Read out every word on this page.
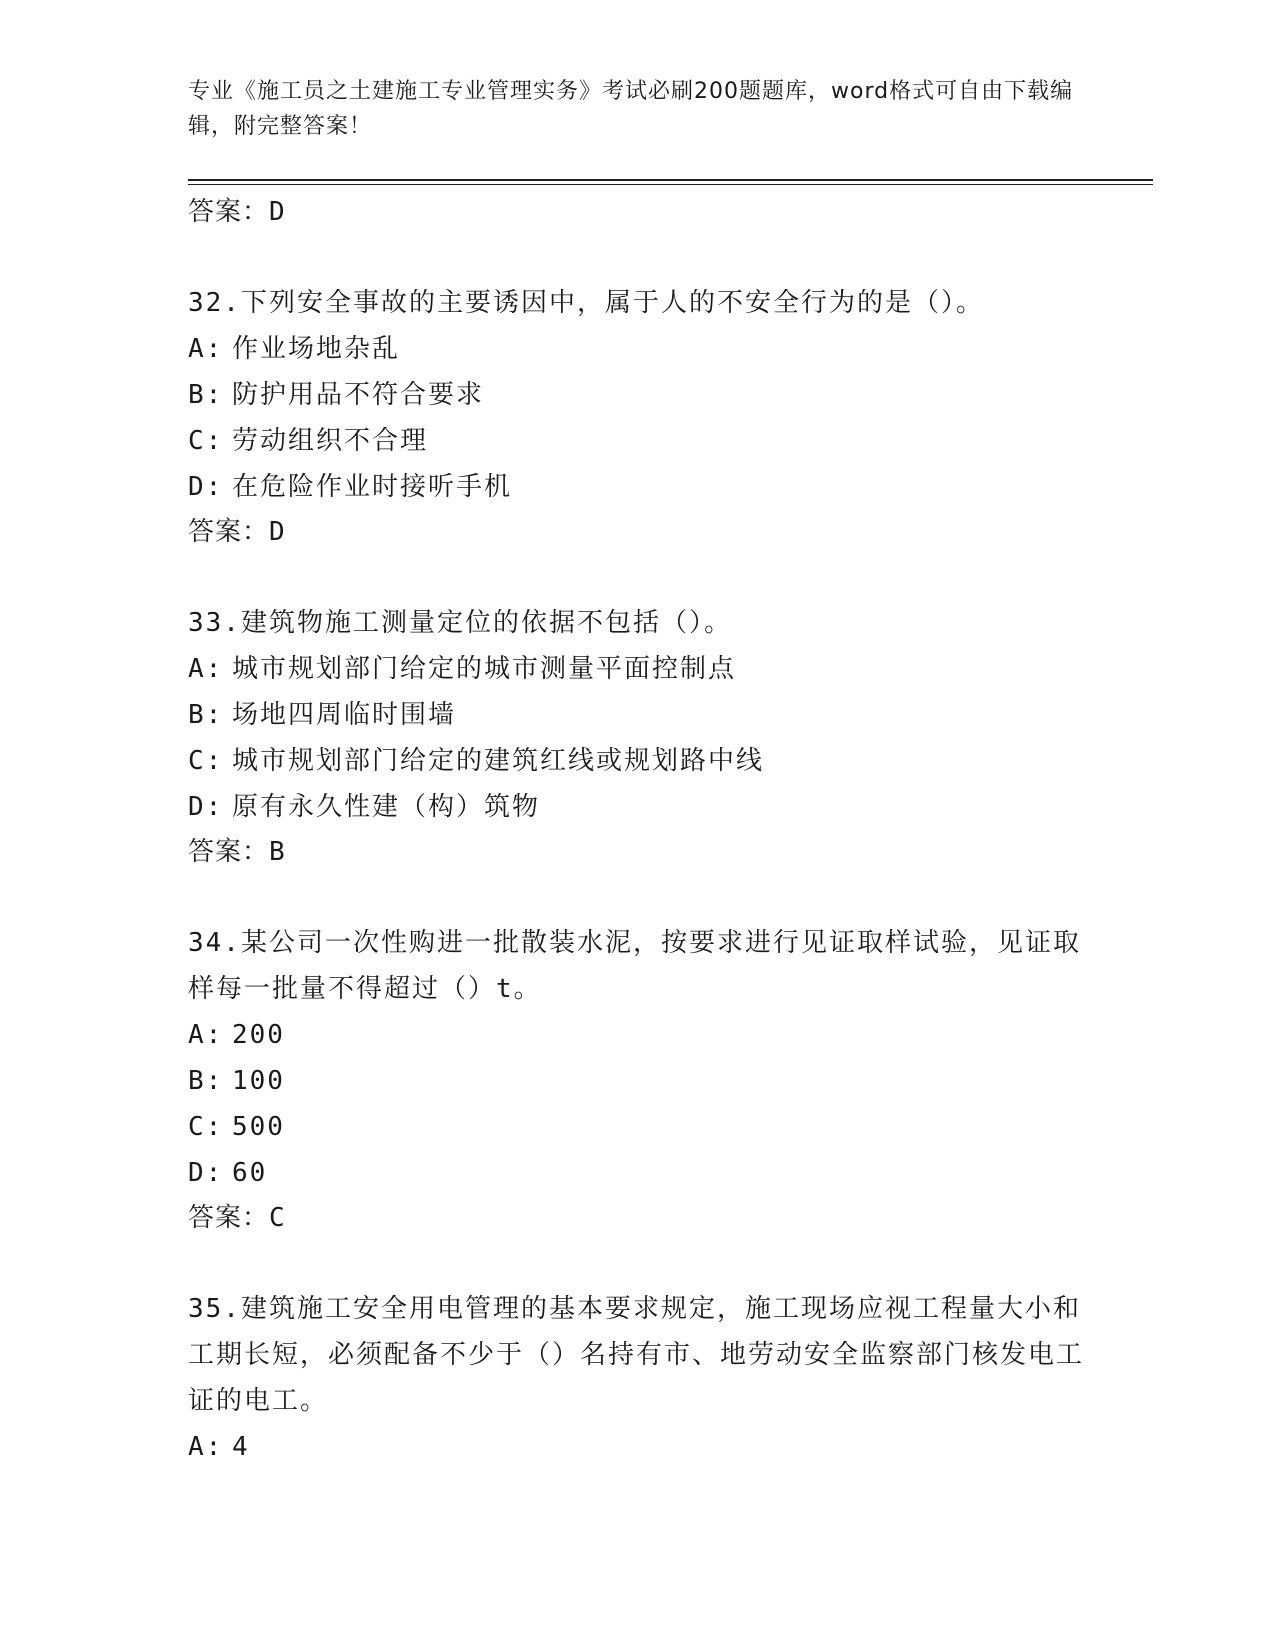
专业《施工员之土建施工专业管理实务》考试必刷200题题库，word格式可自由下载编辑，附完整答案！
答案：D
32.下列安全事故的主要诱因中，属于人的不安全行为的是（）。
A: 作业场地杂乱
B: 防护用品不符合要求
C: 劳动组织不合理
D: 在危险作业时接听手机
答案：D
33.建筑物施工测量定位的依据不包括（）。
A: 城市规划部门给定的城市测量平面控制点
B: 场地四周临时围墙
C: 城市规划部门给定的建筑红线或规划路中线
D: 原有永久性建（构）筑物
答案：B
34.某公司一次性购进一批散装水泥，按要求进行见证取样试验，见证取样每一批量不得超过（）t。
A: 200
B: 100
C: 500
D: 60
答案：C
35.建筑施工安全用电管理的基本要求规定，施工现场应视工程量大小和工期长短，必须配备不少于（）名持有市、地劳动安全监察部门核发电工证的电工。
A: 4
